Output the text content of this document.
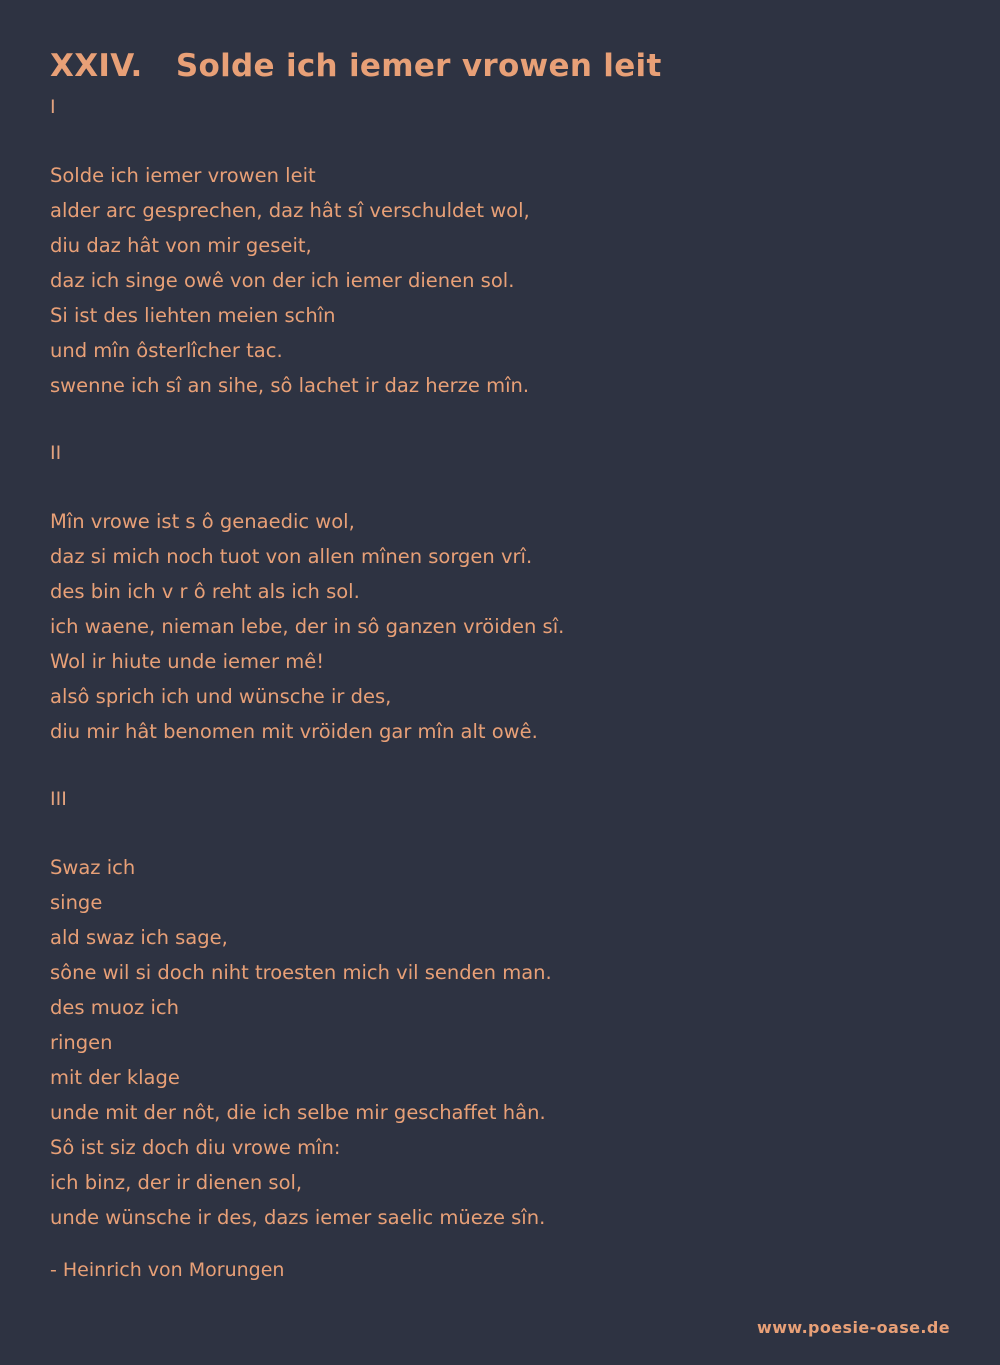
XXIV.   Solde ich iemer vrowen leit
I
Solde ich iemer vrowen leit
alder arc gesprechen, daz hât sî verschuldet wol,
diu daz hât von mir geseit,
daz ich singe owê von der ich iemer dienen sol.
Si ist des liehten meien schîn
und mîn ôsterlîcher tac.
swenne ich sî an sihe, sô lachet ir daz herze mîn.
II
Mîn vrowe ist s ô genaedic wol,
daz si mich noch tuot von allen mînen sorgen vrî.
des bin ich v r ô reht als ich sol.
ich waene, nieman lebe, der in sô ganzen vröiden sî.
Wol ir hiute unde iemer mê!
alsô sprich ich und wünsche ir des,
diu mir hât benomen mit vröiden gar mîn alt owê.
III
Swaz ich
singe
ald swaz ich sage,
sône wil si doch niht troesten mich vil senden man.
des muoz ich
ringen
mit der klage
unde mit der nôt, die ich selbe mir geschaffet hân.
Sô ist siz doch diu vrowe mîn:
ich binz, der ir dienen sol,
unde wünsche ir des, dazs iemer saelic müeze sîn.
- Heinrich von Morungen
www.poesie-oase.de
